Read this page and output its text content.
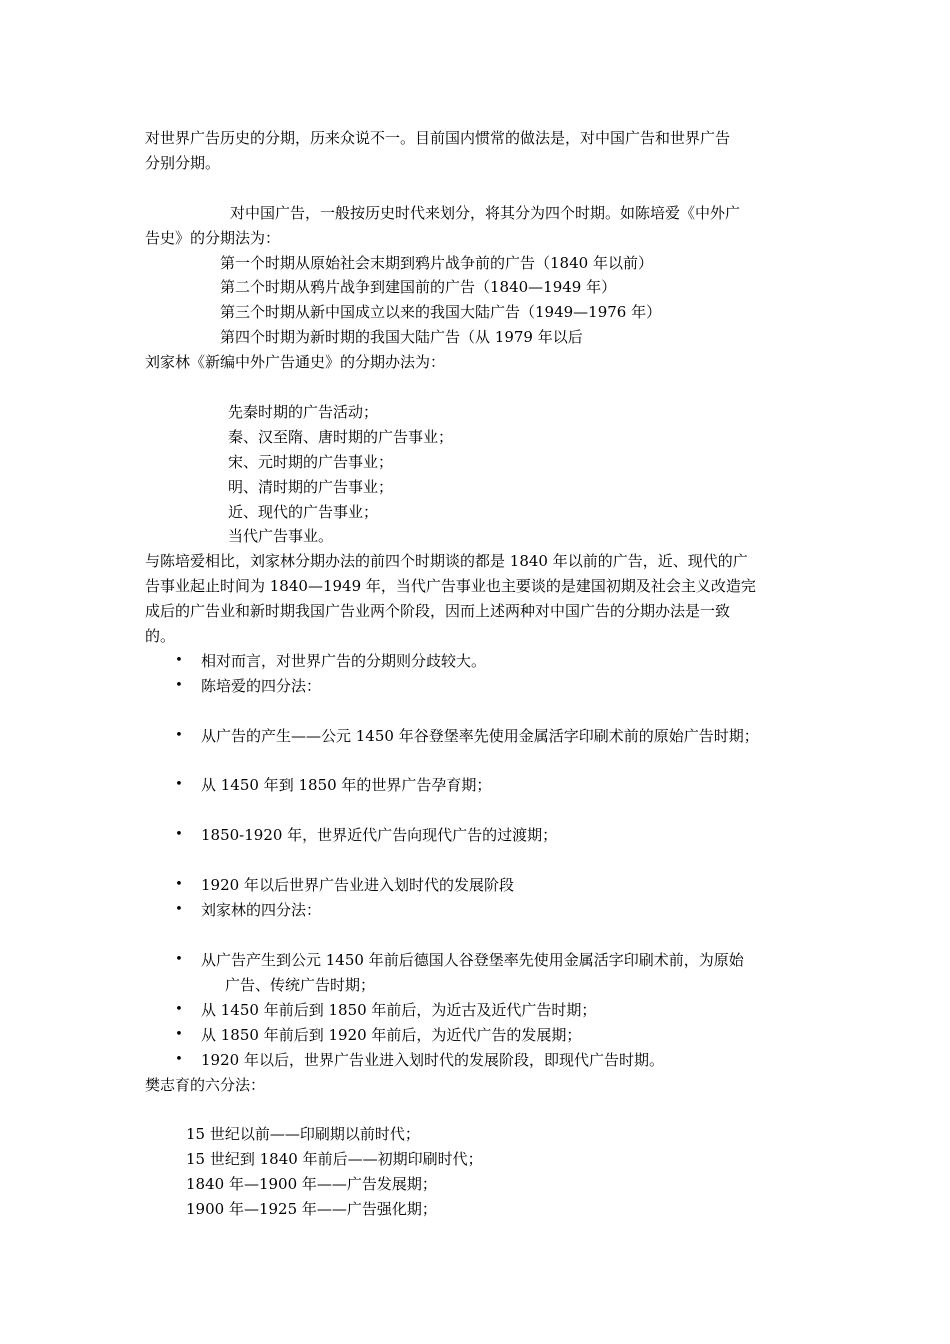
对世界广告历史的分期，历来众说不一。目前国内惯常的做法是，对中国广告和世界广告
分别分期。
对中国广告，一般按历史时代来划分，将其分为四个时期。如陈培爱《中外广
告史》的分期法为：
第一个时期从原始社会末期到鸦片战争前的广告（1840 年以前）
第二个时期从鸦片战争到建国前的广告（1840—1949 年）
第三个时期从新中国成立以来的我国大陆广告（1949—1976 年）
第四个时期为新时期的我国大陆广告（从 1979 年以后
刘家林《新编中外广告通史》的分期办法为：
先秦时期的广告活动；
秦、汉至隋、唐时期的广告事业；
宋、元时期的广告事业；
明、清时期的广告事业；
近、现代的广告事业；
当代广告事业。
与陈培爱相比，刘家林分期办法的前四个时期谈的都是 1840 年以前的广告，近、现代的广
告事业起止时间为 1840—1949 年，当代广告事业也主要谈的是建国初期及社会主义改造完
成后的广告业和新时期我国广告业两个阶段，因而上述两种对中国广告的分期办法是一致
的。
• 相对而言，对世界广告的分期则分歧较大。
• 陈培爱的四分法：
• 从广告的产生——公元 1450 年谷登堡率先使用金属活字印刷术前的原始广告时期；
• 从 1450 年到 1850 年的世界广告孕育期；
• 1850-1920 年，世界近代广告向现代广告的过渡期；
• 1920 年以后世界广告业进入划时代的发展阶段
• 刘家林的四分法：
• 从广告产生到公元 1450 年前后德国人谷登堡率先使用金属活字印刷术前，为原始
广告、传统广告时期；
• 从 1450 年前后到 1850 年前后，为近古及近代广告时期；
• 从 1850 年前后到 1920 年前后，为近代广告的发展期；
• 1920 年以后，世界广告业进入划时代的发展阶段，即现代广告时期。
樊志育的六分法：
15 世纪以前——印刷期以前时代；
15 世纪到 1840 年前后——初期印刷时代；
1840 年—1900 年——广告发展期；
1900 年—1925 年——广告强化期；
